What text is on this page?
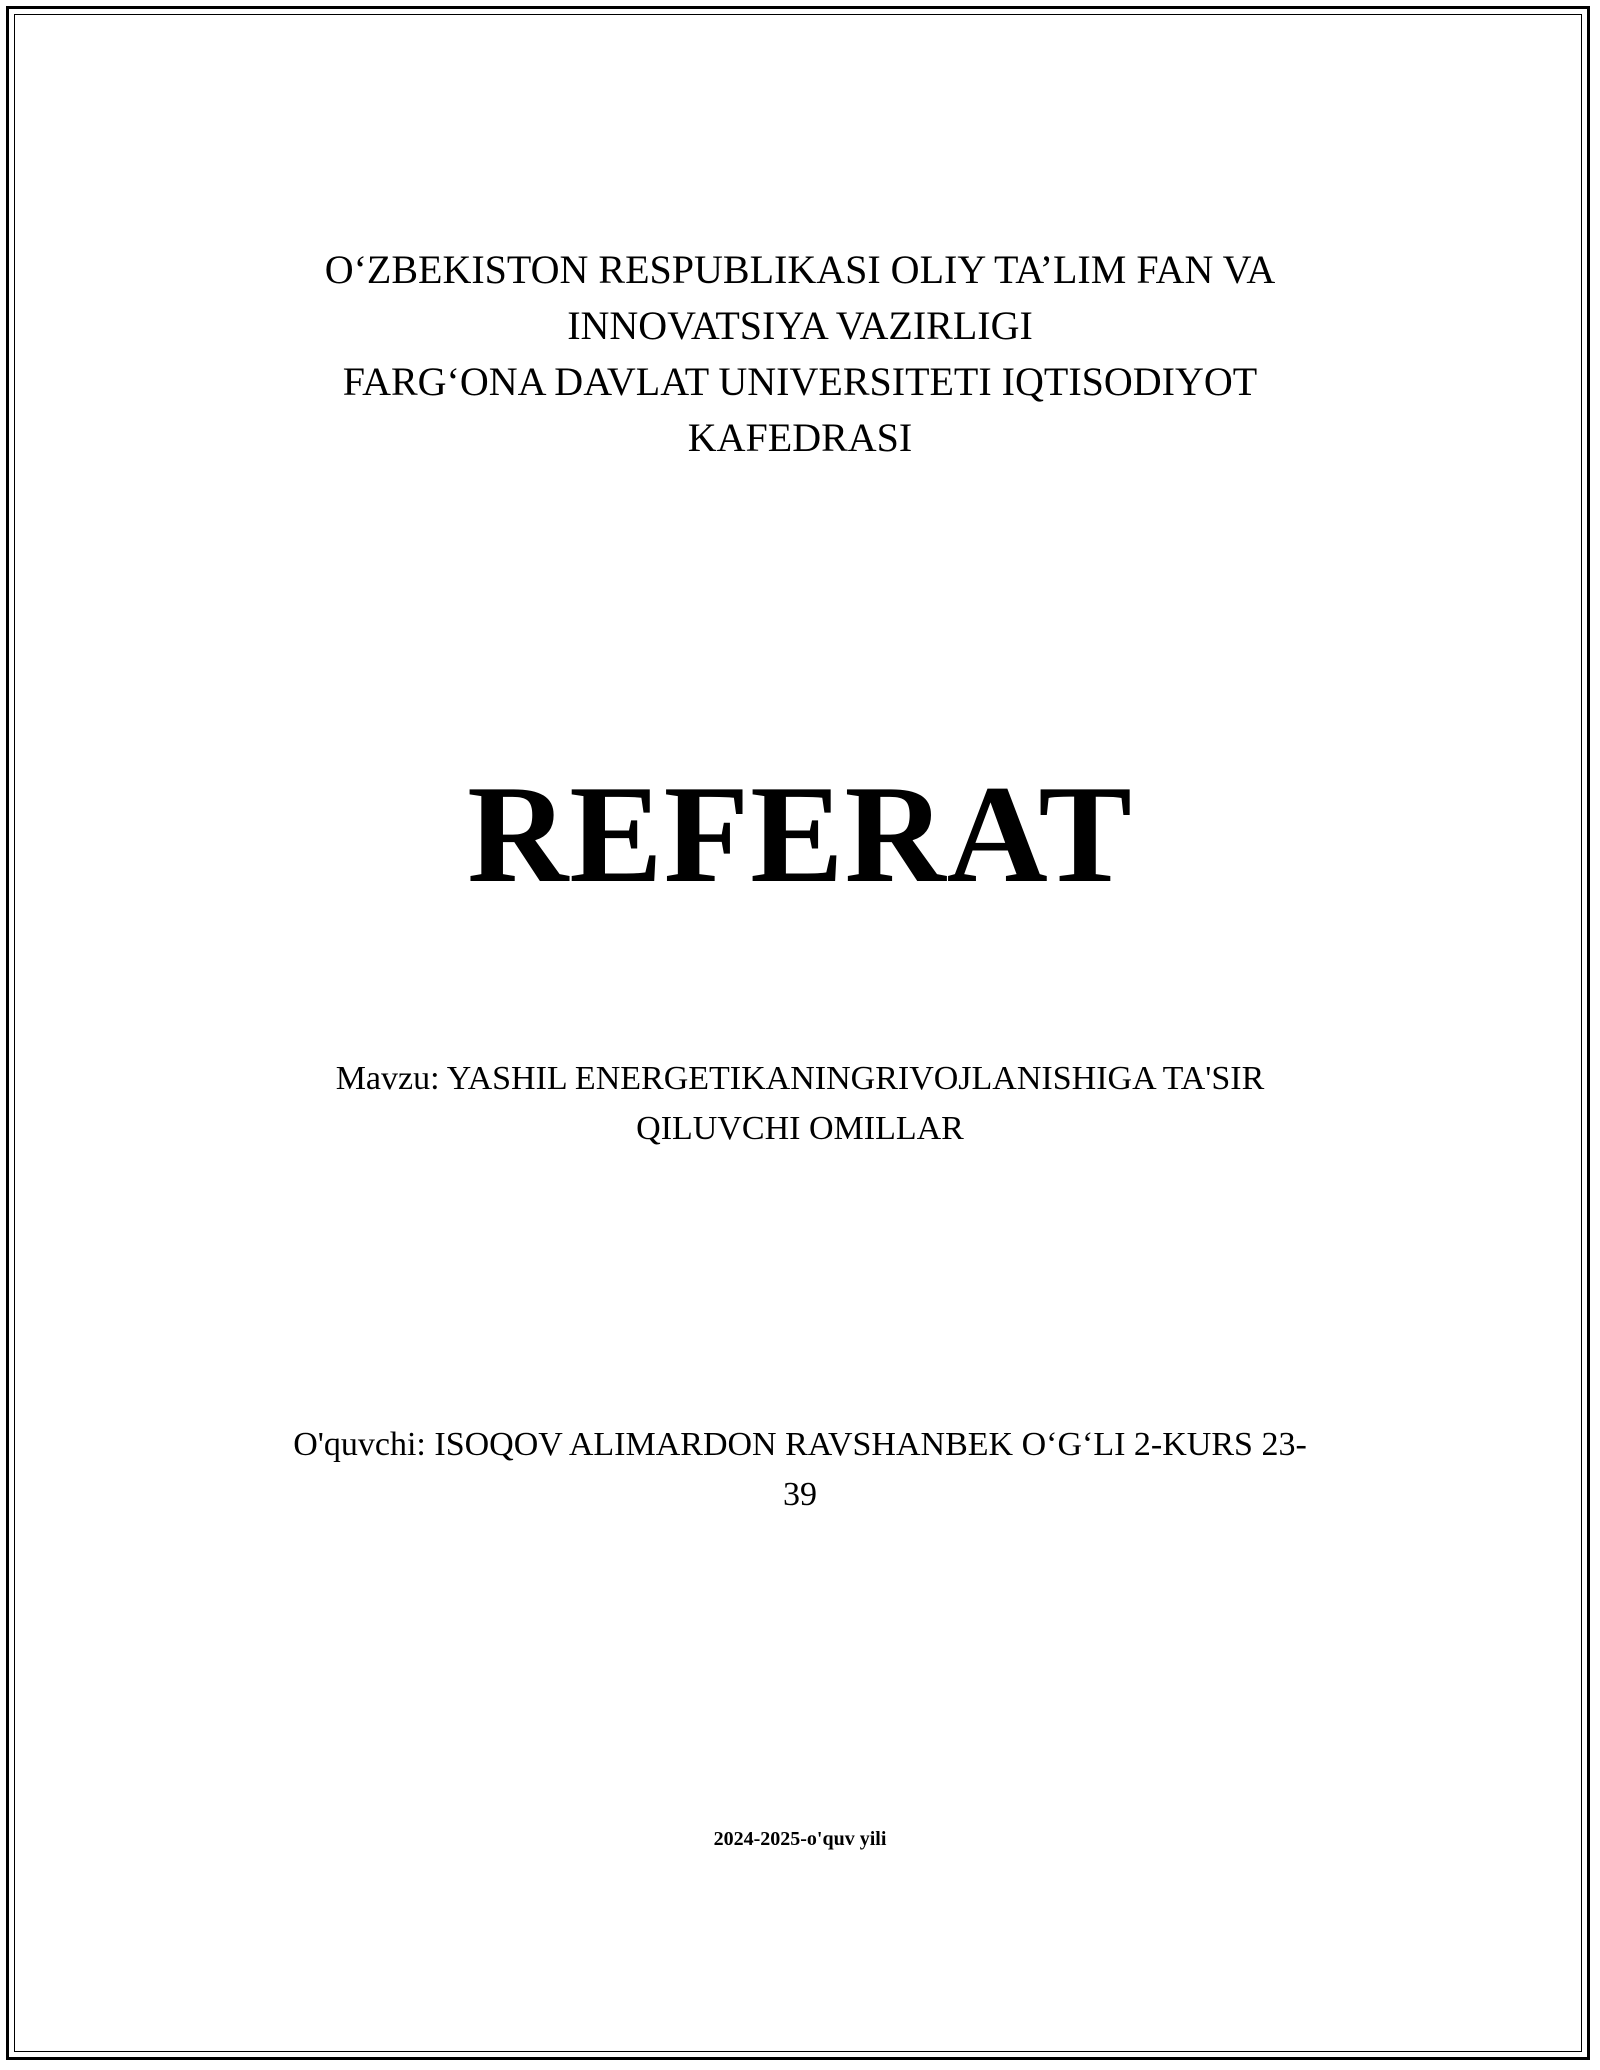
O‘ZBEKISTON RESPUBLIKASI OLIY TA’LIM FAN VA
INNOVATSIYA VAZIRLIGI
FARG‘ONA DAVLAT UNIVERSITETI IQTISODIYOT
KAFEDRASI
REFERAT
Mavzu: YASHIL ENERGETIKANINGRIVOJLANISHIGA TA'SIR
QILUVCHI OMILLAR
O'quvchi: ISOQOV ALIMARDON RAVSHANBEK O‘G‘LI 2-KURS 23-
39
2024-2025-o'quv yili
